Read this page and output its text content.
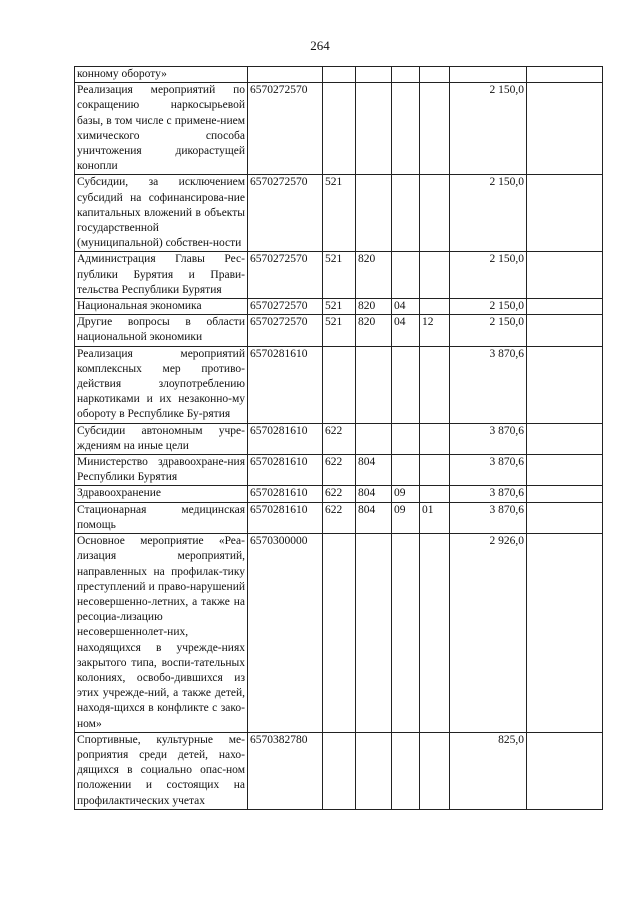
264
конному обороту»							
Реализация мероприятий по сокращению наркосырьевой базы, в том числе с примене-нием химического способа уничтожения дикорастущей конопли	6570272570					2 150,0	
Субсидии, за исключением субсидий на софинансирова-ние капитальных вложений в объекты государственной (муниципальной) собствен-ности	6570272570	521				2 150,0	
Администрация Главы Рес-публики Бурятия и Прави-тельства Республики Бурятия	6570272570	521	820			2 150,0	
Национальная экономика	6570272570	521	820	04		2 150,0	
Другие вопросы в области национальной экономики	6570272570	521	820	04	12	2 150,0	
Реализация мероприятий комплексных мер противо-действия злоупотреблению наркотиками и их незаконно-му обороту в Республике Бу-рятия	6570281610					3 870,6	
Субсидии автономным учре-ждениям на иные цели	6570281610	622				3 870,6	
Министерство здравоохране-ния Республики Бурятия	6570281610	622	804			3 870,6	
Здравоохранение	6570281610	622	804	09		3 870,6	
Стационарная медицинская помощь	6570281610	622	804	09	01	3 870,6	
Основное мероприятие «Реа-лизация мероприятий, направленных на профилак-тику преступлений и право-нарушений несовершенно-летних, а также на ресоциа-лизацию несовершеннолет-них, находящихся в учрежде-ниях закрытого типа, воспи-тательных колониях, освобо-дившихся из этих учрежде-ний, а также детей, находя-щихся в конфликте с зако-ном»	6570300000					2 926,0	
Спортивные, культурные ме-роприятия среди детей, нахо-дящихся в социально опас-ном положении и состоящих на профилактических учетах	6570382780					825,0	
